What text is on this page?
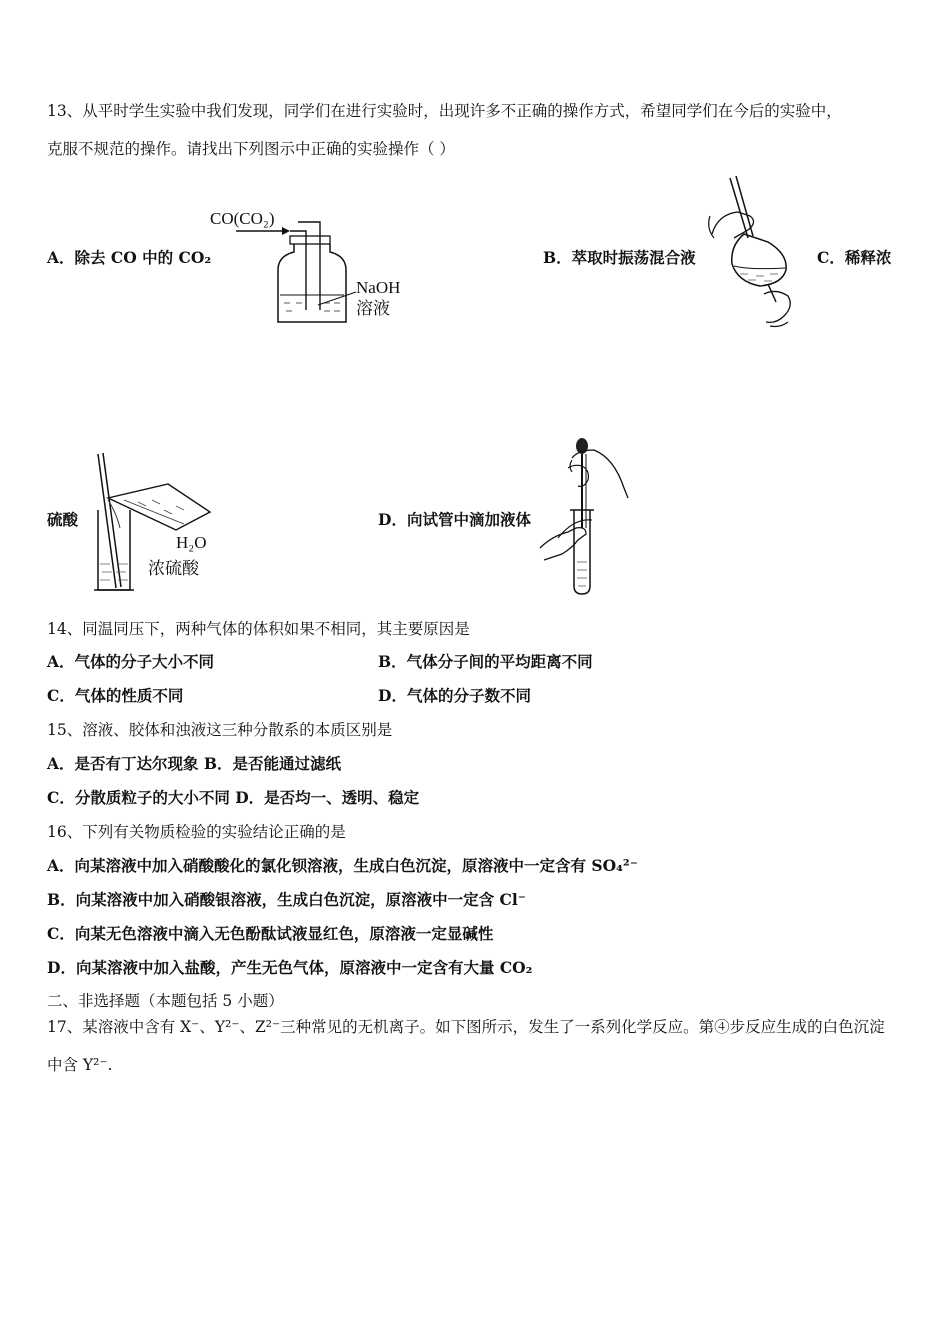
13、从平时学生实验中我们发现，同学们在进行实验时，出现许多不正确的操作方式，希望同学们在今后的实验中，
克服不规范的操作。请找出下列图示中正确的实验操作（ ）
A．除去 CO 中的 CO₂
CO(CO₂)
NaOH
溶液
B．萃取时振荡混合液	C．稀释浓
硫酸
H₂O
浓硫酸
D．向试管中滴加液体
14、同温同压下，两种气体的体积如果不相同，其主要原因是
A．气体的分子大小不同	B．气体分子间的平均距离不同
C．气体的性质不同	D．气体的分子数不同
15、溶液、胶体和浊液这三种分散系的本质区别是
A．是否有丁达尔现象 B．是否能通过滤纸
C．分散质粒子的大小不同 D．是否均一、透明、稳定
16、下列有关物质检验的实验结论正确的是
A．向某溶液中加入硝酸酸化的氯化钡溶液，生成白色沉淀，原溶液中一定含有 SO₄²⁻
B．向某溶液中加入硝酸银溶液，生成白色沉淀，原溶液中一定含 Cl⁻
C．向某无色溶液中滴入无色酚酞试液显红色，原溶液一定显碱性
D．向某溶液中加入盐酸，产生无色气体，原溶液中一定含有大量 CO₂
二、非选择题（本题包括 5 小题）
17、某溶液中含有 X⁻、Y²⁻、Z²⁻三种常见的无机离子。如下图所示，发生了一系列化学反应。第④步反应生成的白色沉淀
中含 Y²⁻.
